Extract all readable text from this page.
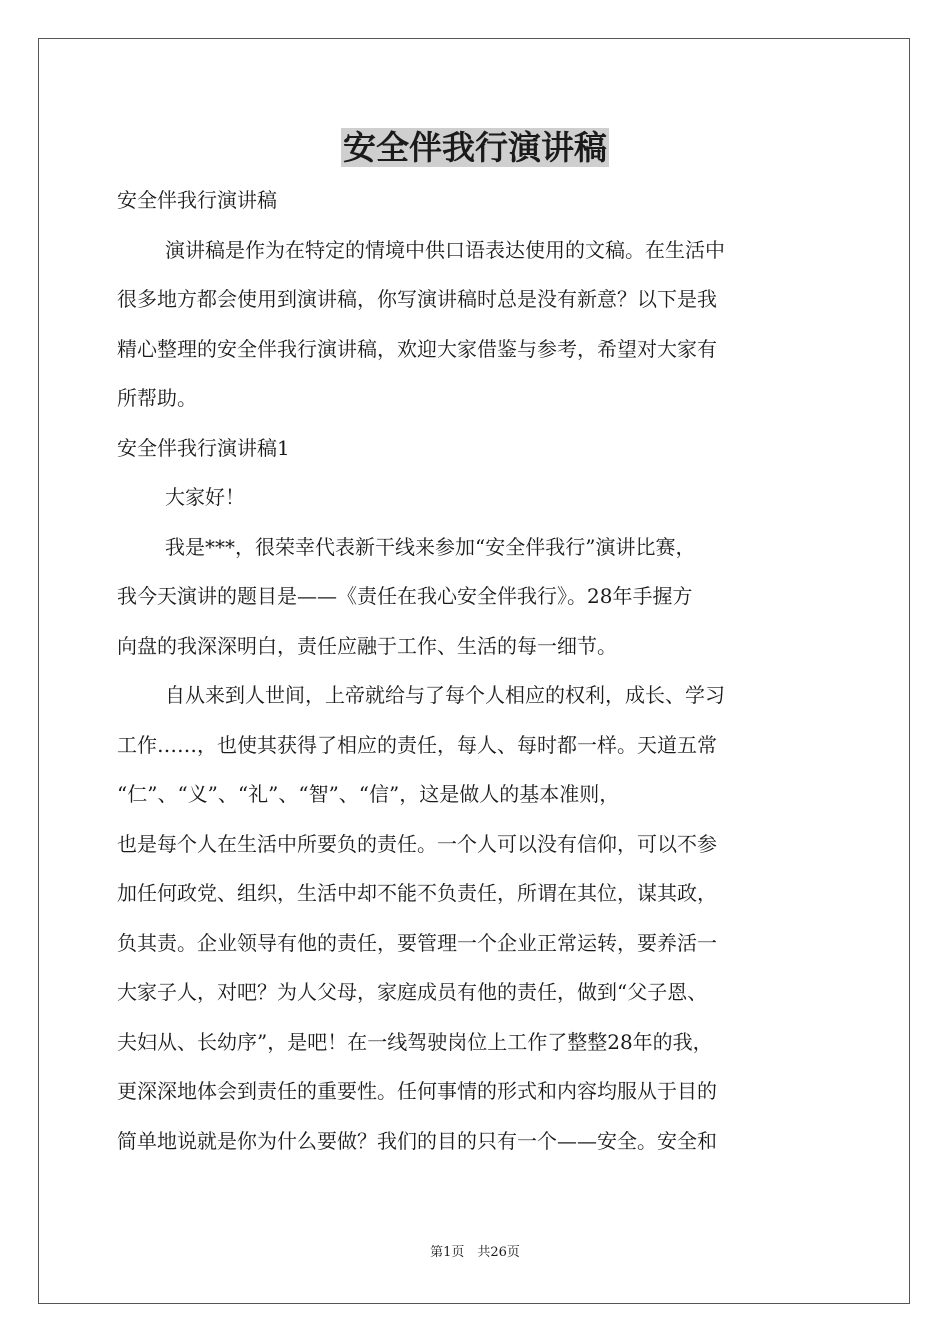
安全伴我行演讲稿
安全伴我行演讲稿
演讲稿是作为在特定的情境中供口语表达使用的文稿。在生活中
很多地方都会使用到演讲稿，你写演讲稿时总是没有新意？以下是我
精心整理的安全伴我行演讲稿，欢迎大家借鉴与参考，希望对大家有
所帮助。
安全伴我行演讲稿1
大家好！
我是***，很荣幸代表新干线来参加“安全伴我行”演讲比赛，
我今天演讲的题目是——《责任在我心安全伴我行》。28年手握方
向盘的我深深明白，责任应融于工作、生活的每一细节。
自从来到人世间，上帝就给与了每个人相应的权利，成长、学习
工作……，也使其获得了相应的责任，每人、每时都一样。天道五常
“仁”、“义”、“礼”、“智”、“信”，这是做人的基本准则，
也是每个人在生活中所要负的责任。一个人可以没有信仰，可以不参
加任何政党、组织，生活中却不能不负责任，所谓在其位，谋其政，
负其责。企业领导有他的责任，要管理一个企业正常运转，要养活一
大家子人，对吧？为人父母，家庭成员有他的责任，做到“父子恩、
夫妇从、长幼序”，是吧！在一线驾驶岗位上工作了整整28年的我，
更深深地体会到责任的重要性。任何事情的形式和内容均服从于目的
简单地说就是你为什么要做？我们的目的只有一个——安全。安全和
第1页　共26页
